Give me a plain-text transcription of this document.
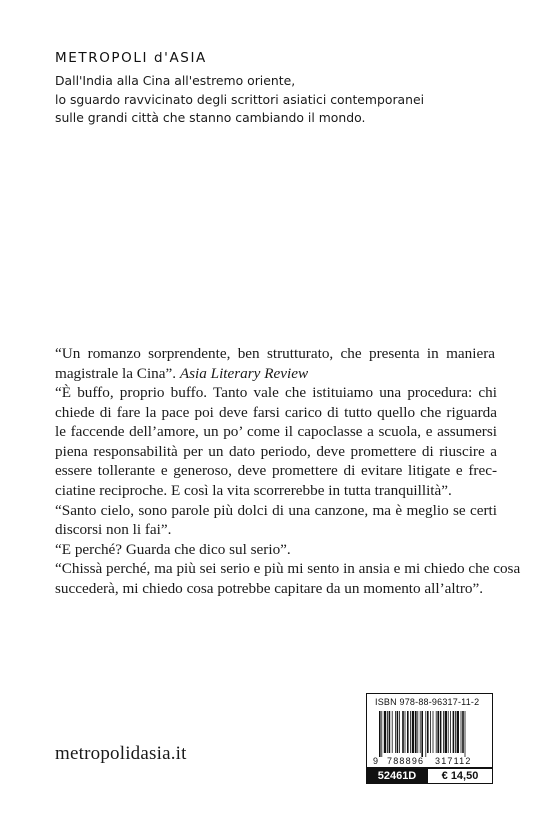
METROPOLI d'ASIA
Dall'India alla Cina all'estremo oriente,
lo sguardo ravvicinato degli scrittori asiatici contemporanei
sulle grandi città che stanno cambiando il mondo.
“Un romanzo sorprendente, ben strutturato, che presenta in maniera
magistrale la Cina”. Asia Literary Review
“È buffo, proprio buffo. Tanto vale che istituiamo una procedura: chi
chiede di fare la pace poi deve farsi carico di tutto quello che riguarda
le faccende dell’amore, un po’ come il capoclasse a scuola, e assumersi
piena responsabilità per un dato periodo, deve promettere di riuscire a
essere tollerante e generoso, deve promettere di evitare litigate e frec-
ciatine reciproche. E così la vita scorrerebbe in tutta tranquillità”.
“Santo cielo, sono parole più dolci di una canzone, ma è meglio se certi
discorsi non li fai”.
“E perché? Guarda che dico sul serio”.
“Chissà perché, ma più sei serio e più mi sento in ansia e mi chiedo che cosa
succederà, mi chiedo cosa potrebbe capitare da un momento all’altro”.
metropolidasia.it
ISBN 978-88-96317-11-2
9 788896 317112
52461D	€ 14,50
